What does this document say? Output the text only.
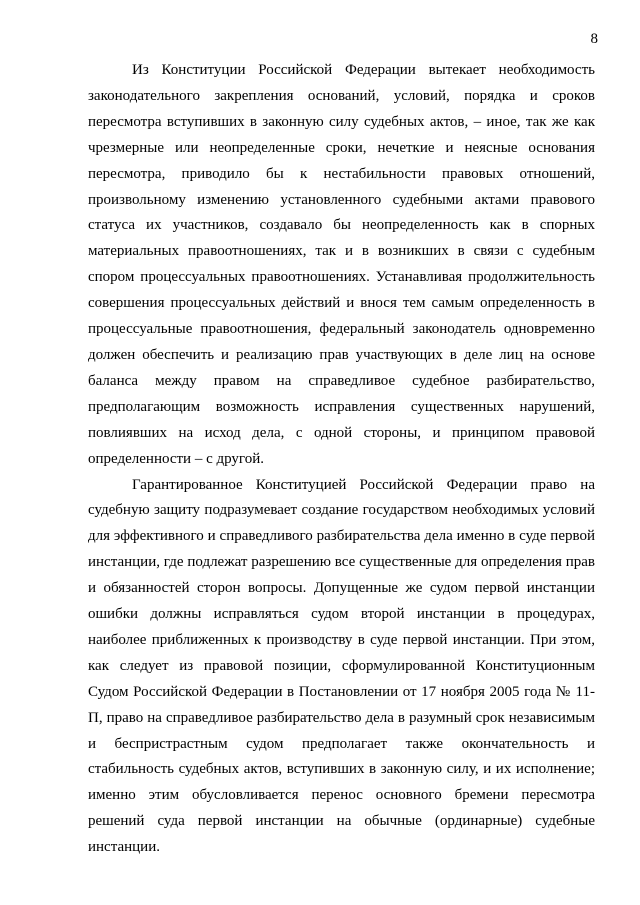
8

Из Конституции Российской Федерации вытекает необходимость законодательного закрепления оснований, условий, порядка и сроков пересмотра вступивших в законную силу судебных актов, – иное, так же как чрезмерные или неопределенные сроки, нечеткие и неясные основания пересмотра, приводило бы к нестабильности правовых отношений, произвольному изменению установленного судебными актами правового статуса их участников, создавало бы неопределенность как в спорных материальных правоотношениях, так и в возникших в связи с судебным спором процессуальных правоотношениях. Устанавливая продолжительность совершения процессуальных действий и внося тем самым определенность в процессуальные правоотношения, федеральный законодатель одновременно должен обеспечить и реализацию прав участвующих в деле лиц на основе баланса между правом на справедливое судебное разбирательство, предполагающим возможность исправления существенных нарушений, повлиявших на исход дела, с одной стороны, и принципом правовой определенности – с другой.

Гарантированное Конституцией Российской Федерации право на судебную защиту подразумевает создание государством необходимых условий для эффективного и справедливого разбирательства дела именно в суде первой инстанции, где подлежат разрешению все существенные для определения прав и обязанностей сторон вопросы. Допущенные же судом первой инстанции ошибки должны исправляться судом второй инстанции в процедурах, наиболее приближенных к производству в суде первой инстанции. При этом, как следует из правовой позиции, сформулированной Конституционным Судом Российской Федерации в Постановлении от 17 ноября 2005 года № 11-П, право на справедливое разбирательство дела в разумный срок независимым и беспристрастным судом предполагает также окончательность и стабильность судебных актов, вступивших в законную силу, и их исполнение; именно этим обусловливается перенос основного бремени пересмотра решений суда первой инстанции на обычные (ординарные) судебные инстанции.
